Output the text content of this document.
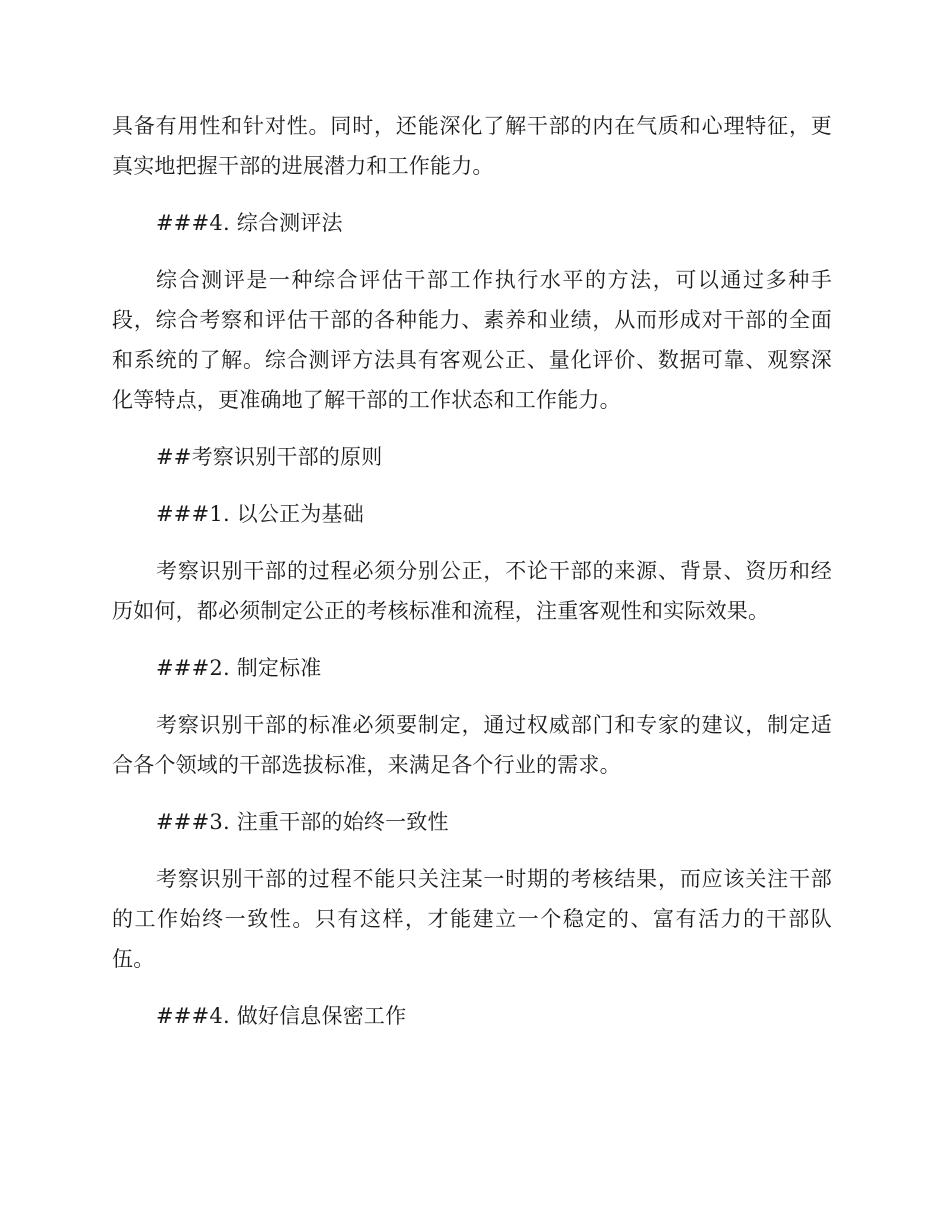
具备有用性和针对性。同时，还能深化了解干部的内在气质和心理特征，更真实地把握干部的进展潜力和工作能力。

###4. 综合测评法

综合测评是一种综合评估干部工作执行水平的方法，可以通过多种手段，综合考察和评估干部的各种能力、素养和业绩，从而形成对干部的全面和系统的了解。综合测评方法具有客观公正、量化评价、数据可靠、观察深化等特点，更准确地了解干部的工作状态和工作能力。

##考察识别干部的原则
###1. 以公正为基础

考察识别干部的过程必须分别公正，不论干部的来源、背景、资历和经历如何，都必须制定公正的考核标准和流程，注重客观性和实际效果。

###2. 制定标准

考察识别干部的标准必须要制定，通过权威部门和专家的建议，制定适合各个领域的干部选拔标准，来满足各个行业的需求。

###3. 注重干部的始终一致性

考察识别干部的过程不能只关注某一时期的考核结果，而应该关注干部的工作始终一致性。只有这样，才能建立一个稳定的、富有活力的干部队伍。

###4. 做好信息保密工作
